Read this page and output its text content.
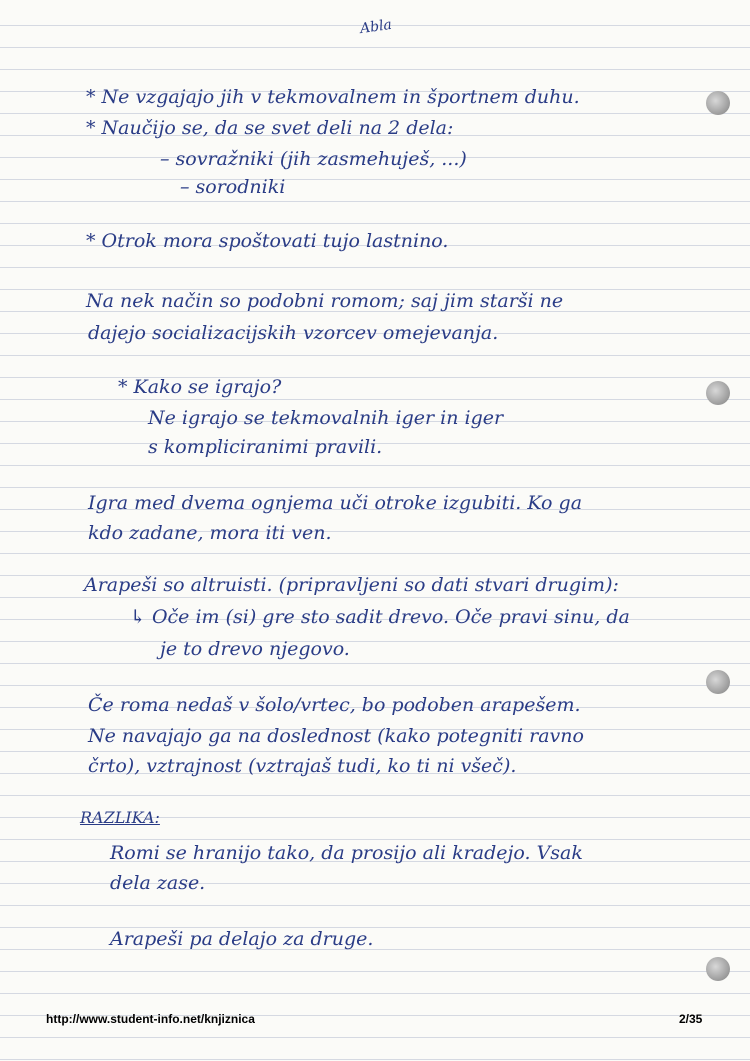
Abla
* Ne vzgajajo jih v tekmovalnem in športnem duhu.
* Naučijo se, da se svet deli na 2 dela:
– sovražniki (jih zasmehuješ, ...)
– sorodniki
* Otrok mora spoštovati tujo lastnino.
Na nek način so podobni romom; saj jim starši ne
dajejo socializacijskih vzorcev omejevanja.
* Kako se igrajo?
Ne igrajo se tekmovalnih iger in iger
s kompliciranimi pravili.
Igra med dvema ognjema uči otroke izgubiti. Ko ga
kdo zadane, mora iti ven.
Arapeši so altruisti. (pripravljeni so dati stvari drugim):
↳ Oče im (si) gre sto sadit drevo. Oče pravi sinu, da
je to drevo njegovo.
Če roma nedaš v šolo/vrtec, bo podoben arapešem.
Ne navajajo ga na doslednost (kako potegniti ravno
črto), vztrajnost (vztrajaš tudi, ko ti ni všeč).
RAZLIKA:
Romi se hranijo tako, da prosijo ali kradejo. Vsak
dela zase.
Arapeši pa delajo za druge.
http://www.student-info.net/knjiznica	2/35
